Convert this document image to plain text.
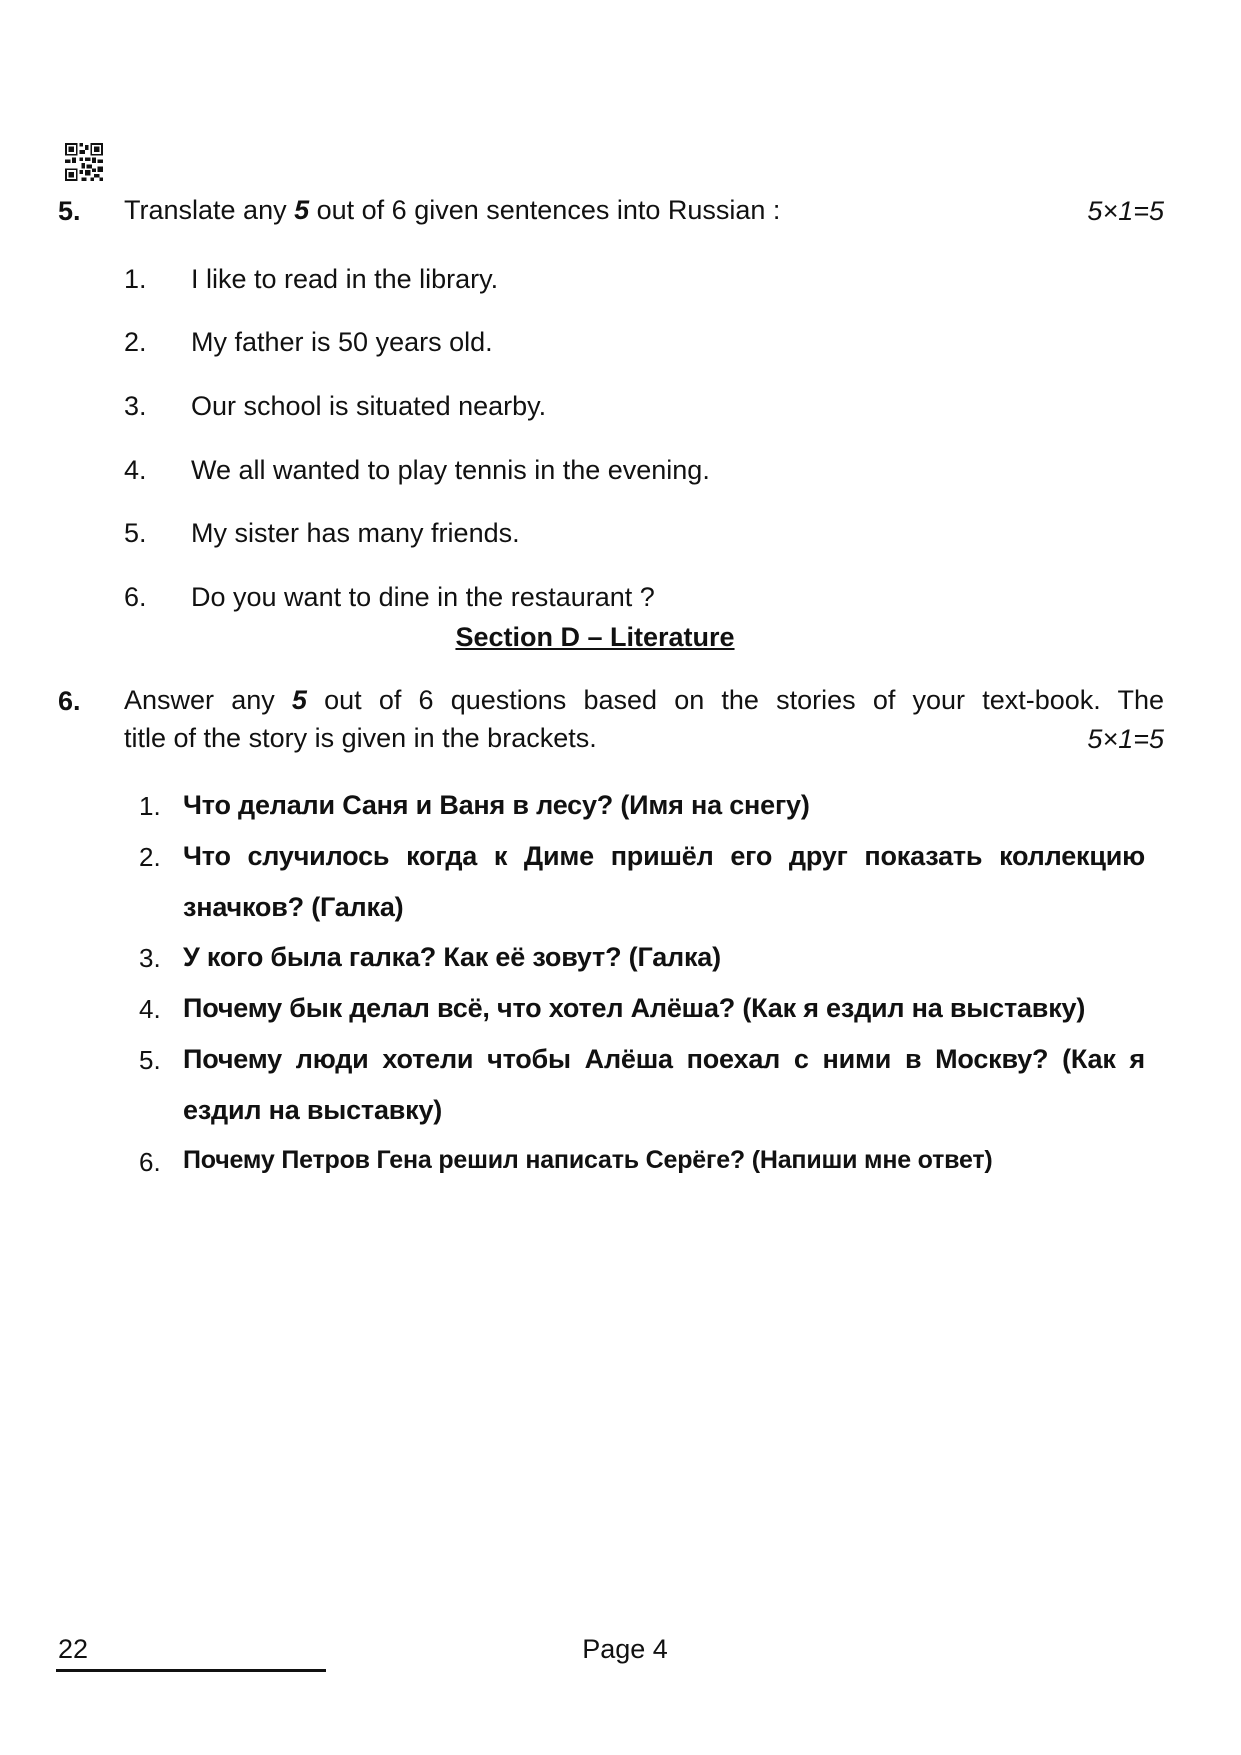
5. Translate any 5 out of 6 given sentences into Russian :	5×1=5
1. I like to read in the library.
2. My father is 50 years old.
3. Our school is situated nearby.
4. We all wanted to play tennis in the evening.
5. My sister has many friends.
6. Do you want to dine in the restaurant ?
Section D – Literature
6. Answer any 5 out of 6 questions based on the stories of your text-book. The
title of the story is given in the brackets.	5×1=5
1. Что делали Саня и Ваня в лесу? (Имя на снегу)
2. Что случилось когда к Диме пришёл его друг показать коллекцию
значков? (Галка)
3. У кого была галка? Как её зовут? (Галка)
4. Почему бык делал всё, что хотел Алёша? (Как я ездил на выставку)
5. Почему люди хотели чтобы Алёша поехал с ними в Москву? (Как я
ездил на выставку)
6. Почему Петров Гена решил написать Серёге? (Напиши мне ответ)
22	Page 4
